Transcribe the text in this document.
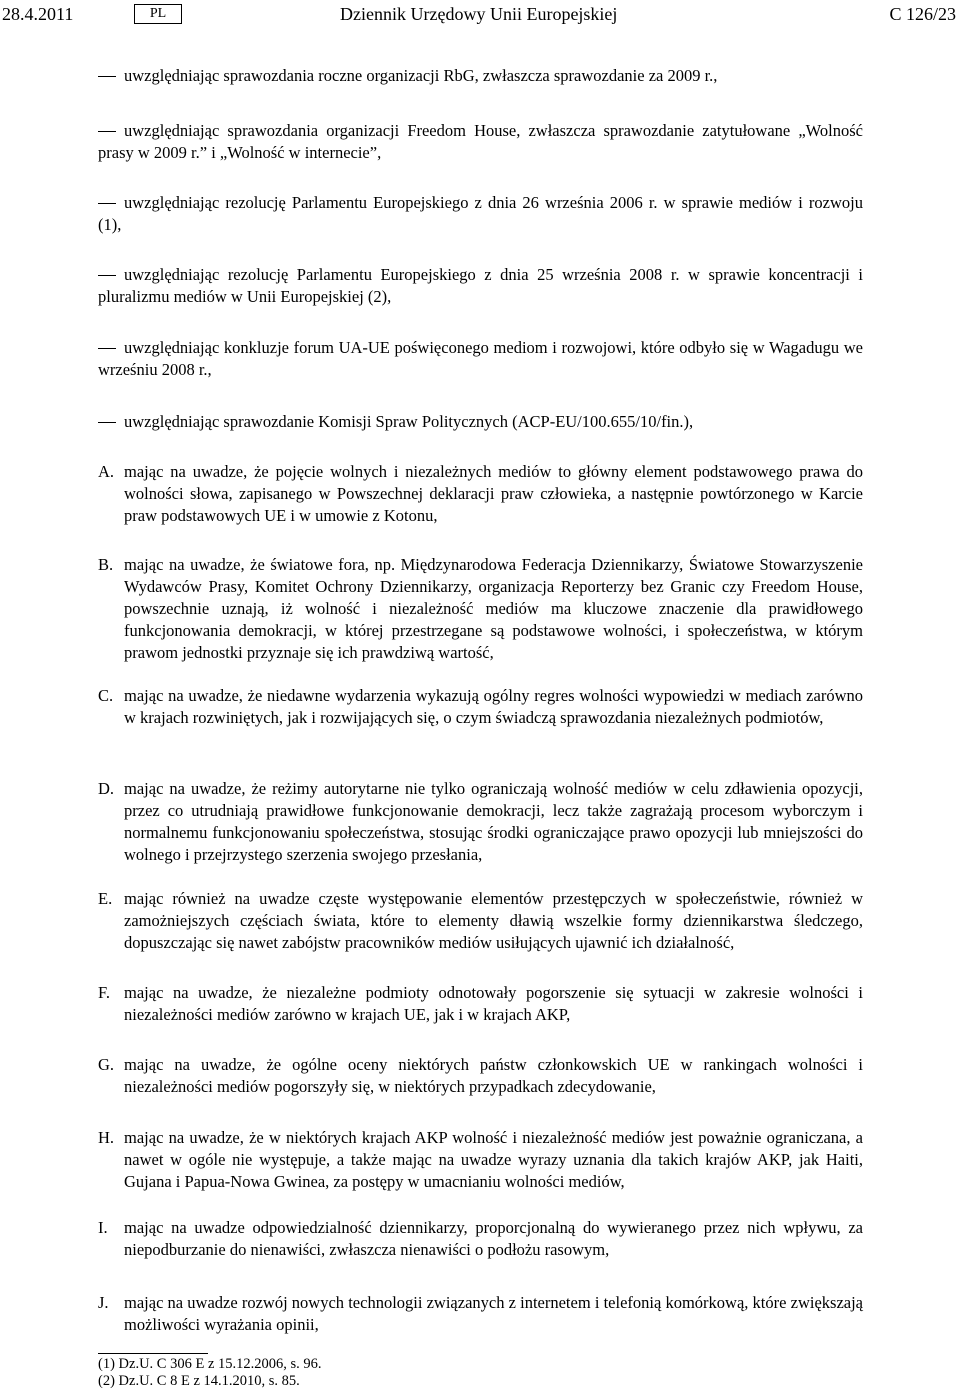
28.4.2011	PL	Dziennik Urzędowy Unii Europejskiej	C 126/23
uwzględniając sprawozdania roczne organizacji RbG, zwłaszcza sprawozdanie za 2009 r.,
uwzględniając sprawozdania organizacji Freedom House, zwłaszcza sprawozdanie zatytułowane „Wolność prasy w 2009 r.” i „Wolność w internecie”,
uwzględniając rezolucję Parlamentu Europejskiego z dnia 26 września 2006 r. w sprawie mediów i rozwoju (1),
uwzględniając rezolucję Parlamentu Europejskiego z dnia 25 września 2008 r. w sprawie koncentracji i pluralizmu mediów w Unii Europejskiej (2),
uwzględniając konkluzje forum UA-UE poświęconego mediom i rozwojowi, które odbyło się w Wagadugu we wrześniu 2008 r.,
uwzględniając sprawozdanie Komisji Spraw Politycznych (ACP-EU/100.655/10/fin.),
A. mając na uwadze, że pojęcie wolnych i niezależnych mediów to główny element podstawowego prawa do wolności słowa, zapisanego w Powszechnej deklaracji praw człowieka, a następnie powtórzonego w Karcie praw podstawowych UE i w umowie z Kotonu,
B. mając na uwadze, że światowe fora, np. Międzynarodowa Federacja Dziennikarzy, Światowe Stowarzyszenie Wydawców Prasy, Komitet Ochrony Dziennikarzy, organizacja Reporterzy bez Granic czy Freedom House, powszechnie uznają, iż wolność i niezależność mediów ma kluczowe znaczenie dla prawidłowego funkcjonowania demokracji, w której przestrzegane są podstawowe wolności, i społeczeństwa, w którym prawom jednostki przyznaje się ich prawdziwą wartość,
C. mając na uwadze, że niedawne wydarzenia wykazują ogólny regres wolności wypowiedzi w mediach zarówno w krajach rozwiniętych, jak i rozwijających się, o czym świadczą sprawozdania niezależnych podmiotów,
D. mając na uwadze, że reżimy autorytarne nie tylko ograniczają wolność mediów w celu zdławienia opozycji, przez co utrudniają prawidłowe funkcjonowanie demokracji, lecz także zagrażają procesom wyborczym i normalnemu funkcjonowaniu społeczeństwa, stosując środki ograniczające prawo opozycji lub mniejszości do wolnego i przejrzystego szerzenia swojego przesłania,
E. mając również na uwadze częste występowanie elementów przestępczych w społeczeństwie, również w zamożniejszych częściach świata, które to elementy dławią wszelkie formy dziennikarstwa śledczego, dopuszczając się nawet zabójstw pracowników mediów usiłujących ujawnić ich działalność,
F. mając na uwadze, że niezależne podmioty odnotowały pogorszenie się sytuacji w zakresie wolności i niezależności mediów zarówno w krajach UE, jak i w krajach AKP,
G. mając na uwadze, że ogólne oceny niektórych państw członkowskich UE w rankingach wolności i niezależności mediów pogorszyły się, w niektórych przypadkach zdecydowanie,
H. mając na uwadze, że w niektórych krajach AKP wolność i niezależność mediów jest poważnie ograniczana, a nawet w ogóle nie występuje, a także mając na uwadze wyrazy uznania dla takich krajów AKP, jak Haiti, Gujana i Papua-Nowa Gwinea, za postępy w umacnianiu wolności mediów,
I. mając na uwadze odpowiedzialność dziennikarzy, proporcjonalną do wywieranego przez nich wpływu, za niepodburzanie do nienawiści, zwłaszcza nienawiści o podłożu rasowym,
J. mając na uwadze rozwój nowych technologii związanych z internetem i telefonią komórkową, które zwiększają możliwości wyrażania opinii,
(1) Dz.U. C 306 E z 15.12.2006, s. 96.
(2) Dz.U. C 8 E z 14.1.2010, s. 85.
